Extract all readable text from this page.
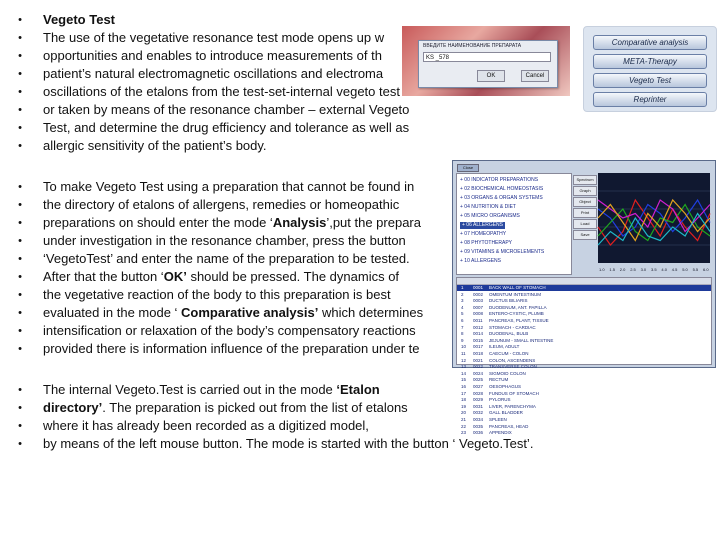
•	Vegeto Test
•	The use of the vegetative resonance test mode opens up w
•	opportunities and enables to introduce measurements of th
•	patient’s natural electromagnetic oscillations and electroma
•	oscillations of the etalons from the test-set-internal vegeto test
•	or taken by means of the resonance chamber – external Vegeto
•	Test, and determine the drug efficiency and tolerance as well as
•	allergic sensitivity of the patient’s body.
•	To make Vegeto Test using a preparation that cannot be found in
•	the directory of etalons of allergens, remedies or homeopathic
•	preparations on should enter the mode ‘Analysis’,put the prepara
•	under investigation in the resonance chamber, press the button
•	‘VegetoTest’ and enter the name of the preparation to be tested.
•	After that the button ‘OK’ should be pressed. The dynamics of
•	the vegetative reaction of the body to this preparation is best
•	evaluated in the mode ‘ Comparative analysis’ which determines
•	intensification or relaxation of the body’s compensatory reactions
•	provided there is information influence of the preparation under te
•	The internal Vegeto.Test is carried out in the mode ‘Etalon
•	directory’. The preparation is picked out from the list of etalons
•	where it has already been recorded as a digitized model,
•	by means of the left mouse button. The mode is started with the button ‘ Vegeto.Test’.
ВВЕДИТЕ НАИМЕНОВАНИЕ ПРЕПАРАТА
KS _578
OK	Cancel
Comparative analysis
META-Therapy
Vegeto Test
Reprinter
Close
+ 00 INDICATOR PREPARATIONS
+ 02 BIOCHEMICAL HOMEOSTASIS
+ 03 ORGANS & ORGAN SYSTEMS
+ 04 NUTRITION & DIET
+ 05 MICRO ORGANISMS
+ 06 ALLERGENS
+ 07 HOMEOPATHY
+ 08 PHYTOTHERAPY
+ 09 VITAMINS & MICROELEMENTS
+ 10 ALLERGENS
Spectrum
Graph
Object
Print
Load
Save
1.0 1.5 2.0 2.5 3.0 3.5 4.0 4.5 5.0 5.5 6.0
1 0001 BACK WALL OF STOMACH
2 0002 OMENTUM INTESTINUM
3 0003 DUCTUS BILIARIS
4 0007 DUODENUM, ANT. PAPILLA
5 0008 ENTERO-CYSTIC, PLUMB
6 0011 PANCREAS, PLANT, TISSUE
7 0012 STOMACH - CARDIAC
8 0014 DUODENAL, BULB
9 0015 JEJUNUM - SMALL INTESTINE
10 0017 ILEUM, ADULT
11 0018 CAECUM - COLON
12 0021 COLON, ASCENDENS
13 0022 TRANSVERSE COLON
14 0024 SIGMOID COLON
15 0025 RECTUM
16 0027 OESOPHAGUS
17 0028 FUNDUS OF STOMACH
18 0029 PYLORUS
19 0031 LIVER, PARENCHYMA
20 0032 GALL BLADDER
21 0034 SPLEEN
22 0035 PANCREAS, HEAD
23 0036 APPENDIX
